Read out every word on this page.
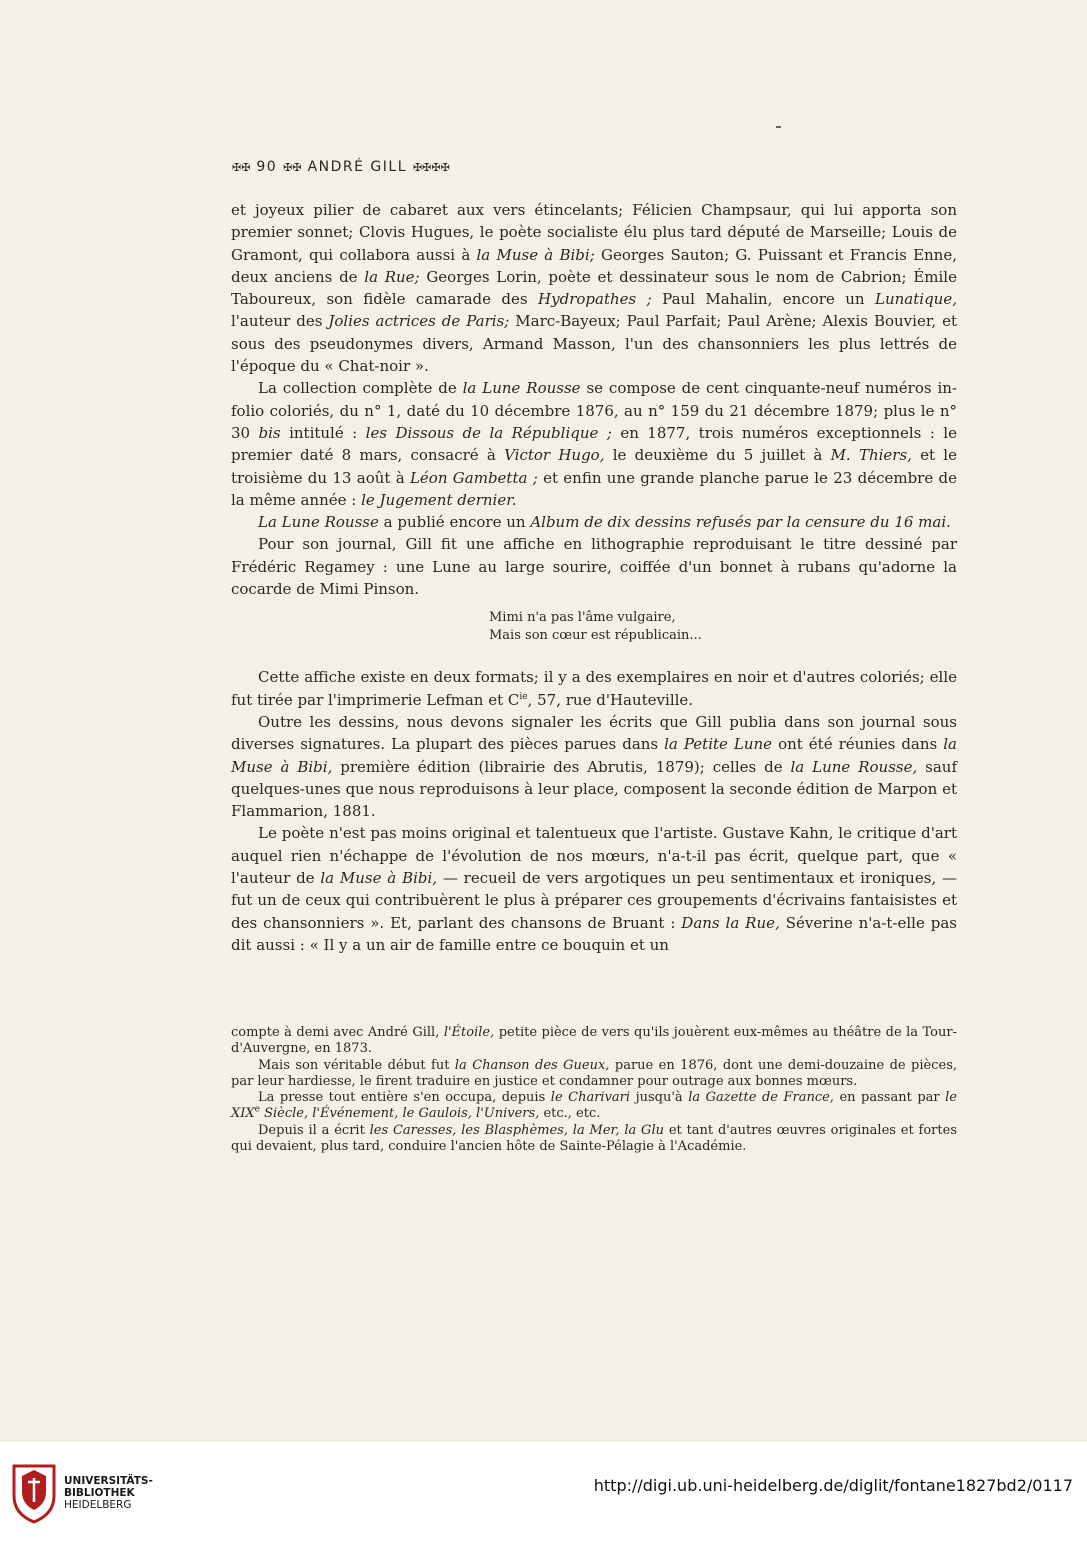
✠✠ 90 ✠✠ ANDRÉ GILL ✠✠✠✠

et joyeux pilier de cabaret aux vers étincelants; Félicien Champsaur, qui lui apporta son premier sonnet; Clovis Hugues, le poète socialiste élu plus tard député de Marseille; Louis de Gramont, qui collabora aussi à la Muse à Bibi; Georges Sauton; G. Puissant et Francis Enne, deux anciens de la Rue; Georges Lorin, poète et dessinateur sous le nom de Cabrion; Émile Taboureux, son fidèle camarade des Hydropathes ; Paul Mahalin, encore un Lunatique, l'auteur des Jolies actrices de Paris; Marc-Bayeux; Paul Parfait; Paul Arène; Alexis Bouvier, et sous des pseudonymes divers, Armand Masson, l'un des chansonniers les plus lettrés de l'époque du « Chat-noir ».

La collection complète de la Lune Rousse se compose de cent cinquante-neuf numéros in-folio coloriés, du n° 1, daté du 10 décembre 1876, au n° 159 du 21 décembre 1879; plus le n° 30 bis intitulé : les Dissous de la République ; en 1877, trois numéros exceptionnels : le premier daté 8 mars, consacré à Victor Hugo, le deuxième du 5 juillet à M. Thiers, et le troisième du 13 août à Léon Gambetta ; et enfin une grande planche parue le 23 décembre de la même année : le Jugement dernier.

La Lune Rousse a publié encore un Album de dix dessins refusés par la censure du 16 mai.

Pour son journal, Gill fit une affiche en lithographie reproduisant le titre dessiné par Frédéric Regamey : une Lune au large sourire, coiffée d'un bonnet à rubans qu'adorne la cocarde de Mimi Pinson.

Mimi n'a pas l'âme vulgaire,
Mais son cœur est républicain...

Cette affiche existe en deux formats; il y a des exemplaires en noir et d'autres coloriés; elle fut tirée par l'imprimerie Lefman et $C^{ie}$, 57, rue d'Hauteville.

Outre les dessins, nous devons signaler les écrits que Gill publia dans son journal sous diverses signatures. La plupart des pièces parues dans la Petite Lune ont été réunies dans la Muse à Bibi, première édition (librairie des Abrutis, 1879); celles de la Lune Rousse, sauf quelques-unes que nous reproduisons à leur place, composent la seconde édition de Marpon et Flammarion, 1881.

Le poète n'est pas moins original et talentueux que l'artiste. Gustave Kahn, le critique d'art auquel rien n'échappe de l'évolution de nos mœurs, n'a-t-il pas écrit, quelque part, que « l'auteur de la Muse à Bibi, — recueil de vers argotiques un peu sentimentaux et ironiques, — fut un de ceux qui contribuèrent le plus à préparer ces groupements d'écrivains fantaisistes et des chansonniers ». Et, parlant des chansons de Bruant : Dans la Rue, Séverine n'a-t-elle pas dit aussi : « Il y a un air de famille entre ce bouquin et un

compte à demi avec André Gill, l'Étoile, petite pièce de vers qu'ils jouèrent eux-mêmes au théâtre de la Tour-d'Auvergne, en 1873.

Mais son véritable début fut la Chanson des Gueux, parue en 1876, dont une demi-douzaine de pièces, par leur hardiesse, le firent traduire en justice et condamner pour outrage aux bonnes mœurs.

La presse tout entière s'en occupa, depuis le Charivari jusqu'à la Gazette de France, en passant par le XIXe Siècle, l'Événement, le Gaulois, l'Univers, etc., etc.

Depuis il a écrit les Caresses, les Blasphèmes, la Mer, la Glu et tant d'autres œuvres originales et fortes qui devaient, plus tard, conduire l'ancien hôte de Sainte-Pélagie à l'Académie.

UNIVERSITÄTS-
BIBLIOTHEK
HEIDELBERG
http://digi.ub.uni-heidelberg.de/diglit/fontane1827bd2/0117
